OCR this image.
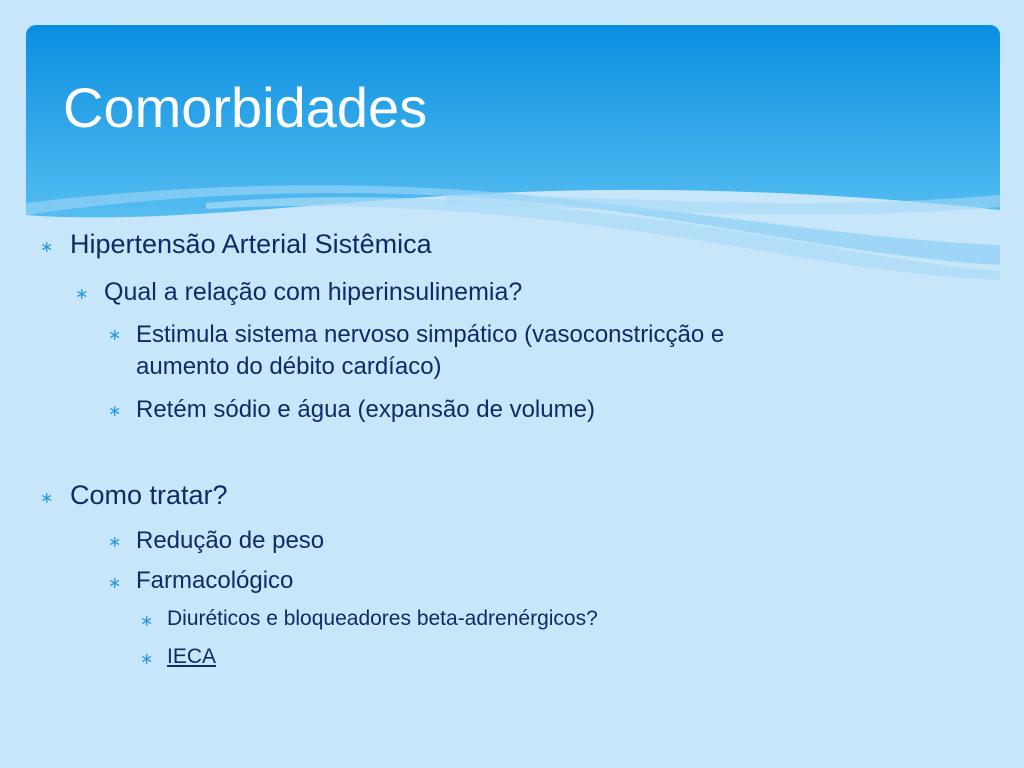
Comorbidades
∗ Hipertensão Arterial Sistêmica
∗ Qual a relação com hiperinsulinemia?
∗ Estimula sistema nervoso simpático (vasoconstricção e
aumento do débito cardíaco)
∗ Retém sódio e água (expansão de volume)
∗ Como tratar?
∗ Redução de peso
∗ Farmacológico
∗ Diuréticos e bloqueadores beta-adrenérgicos?
∗ IECA
